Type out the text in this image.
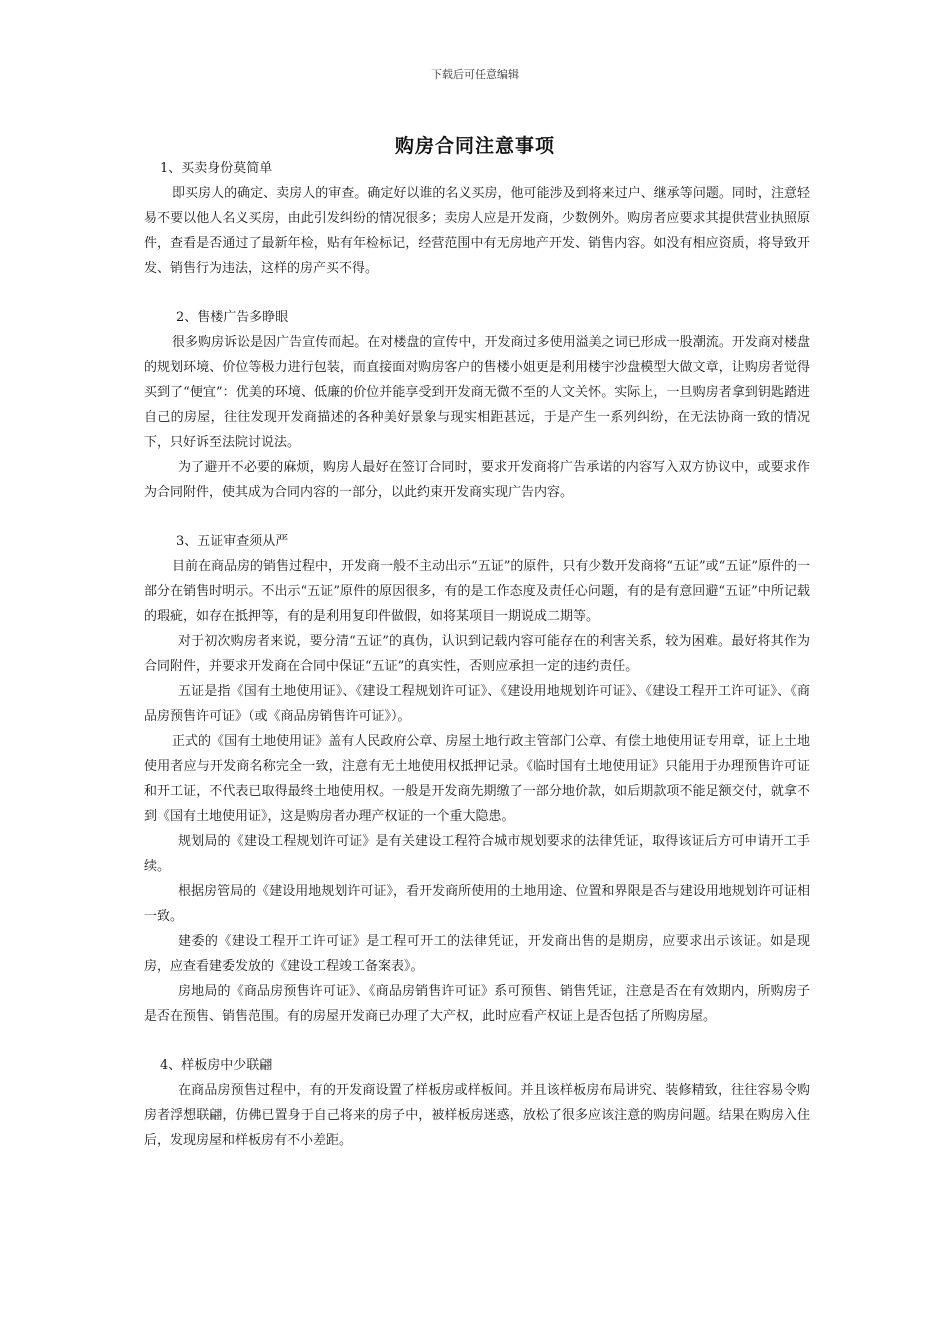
下载后可任意编辑
购房合同注意事项

1、买卖身份莫简单

即买房人的确定、卖房人的审查。确定好以谁的名义买房，他可能涉及到将来过户、继承等问题。同时，注意轻易不要以他人名义买房，由此引发纠纷的情况很多；卖房人应是开发商，少数例外。购房者应要求其提供营业执照原件，查看是否通过了最新年检，贴有年检标记，经营范围中有无房地产开发、销售内容。如没有相应资质，将导致开发、销售行为违法，这样的房产买不得。

2、售楼广告多睁眼

很多购房诉讼是因广告宣传而起。在对楼盘的宣传中，开发商过多使用溢美之词已形成一股潮流。开发商对楼盘的规划环境、价位等极力进行包装，而直接面对购房客户的售楼小姐更是利用楼宇沙盘模型大做文章，让购房者觉得买到了“便宜”：优美的环境、低廉的价位并能享受到开发商无微不至的人文关怀。实际上，一旦购房者拿到钥匙踏进自己的房屋，往往发现开发商描述的各种美好景象与现实相距甚远，于是产生一系列纠纷，在无法协商一致的情况下，只好诉至法院讨说法。

为了避开不必要的麻烦，购房人最好在签订合同时，要求开发商将广告承诺的内容写入双方协议中，或要求作为合同附件，使其成为合同内容的一部分，以此约束开发商实现广告内容。

3、五证审查须从严

目前在商品房的销售过程中，开发商一般不主动出示“五证”的原件，只有少数开发商将“五证”或“五证”原件的一部分在销售时明示。不出示“五证”原件的原因很多，有的是工作态度及责任心问题，有的是有意回避“五证”中所记载的瑕疵，如存在抵押等，有的是利用复印件做假，如将某项目一期说成二期等。

对于初次购房者来说，要分清“五证”的真伪，认识到记载内容可能存在的利害关系，较为困难。最好将其作为合同附件，并要求开发商在合同中保证“五证”的真实性，否则应承担一定的违约责任。

五证是指《国有土地使用证》、《建设工程规划许可证》、《建设用地规划许可证》、《建设工程开工许可证》、《商品房预售许可证》（或《商品房销售许可证》）。

正式的《国有土地使用证》盖有人民政府公章、房屋土地行政主管部门公章、有偿土地使用证专用章，证上土地使用者应与开发商名称完全一致，注意有无土地使用权抵押记录。《临时国有土地使用证》只能用于办理预售许可证和开工证，不代表已取得最终土地使用权。一般是开发商先期缴了一部分地价款，如后期款项不能足额交付，就拿不到《国有土地使用证》，这是购房者办理产权证的一个重大隐患。

规划局的《建设工程规划许可证》是有关建设工程符合城市规划要求的法律凭证，取得该证后方可申请开工手续。

根据房管局的《建设用地规划许可证》，看开发商所使用的土地用途、位置和界限是否与建设用地规划许可证相一致。

建委的《建设工程开工许可证》是工程可开工的法律凭证，开发商出售的是期房，应要求出示该证。如是现房，应查看建委发放的《建设工程竣工备案表》。

房地局的《商品房预售许可证》、《商品房销售许可证》系可预售、销售凭证，注意是否在有效期内，所购房子是否在预售、销售范围。有的房屋开发商已办理了大产权，此时应看产权证上是否包括了所购房屋。

4、样板房中少联翩

在商品房预售过程中，有的开发商设置了样板房或样板间。并且该样板房布局讲究、装修精致，往往容易令购房者浮想联翩，仿佛已置身于自己将来的房子中，被样板房迷惑，放松了很多应该注意的购房问题。结果在购房入住后，发现房屋和样板房有不小差距。
